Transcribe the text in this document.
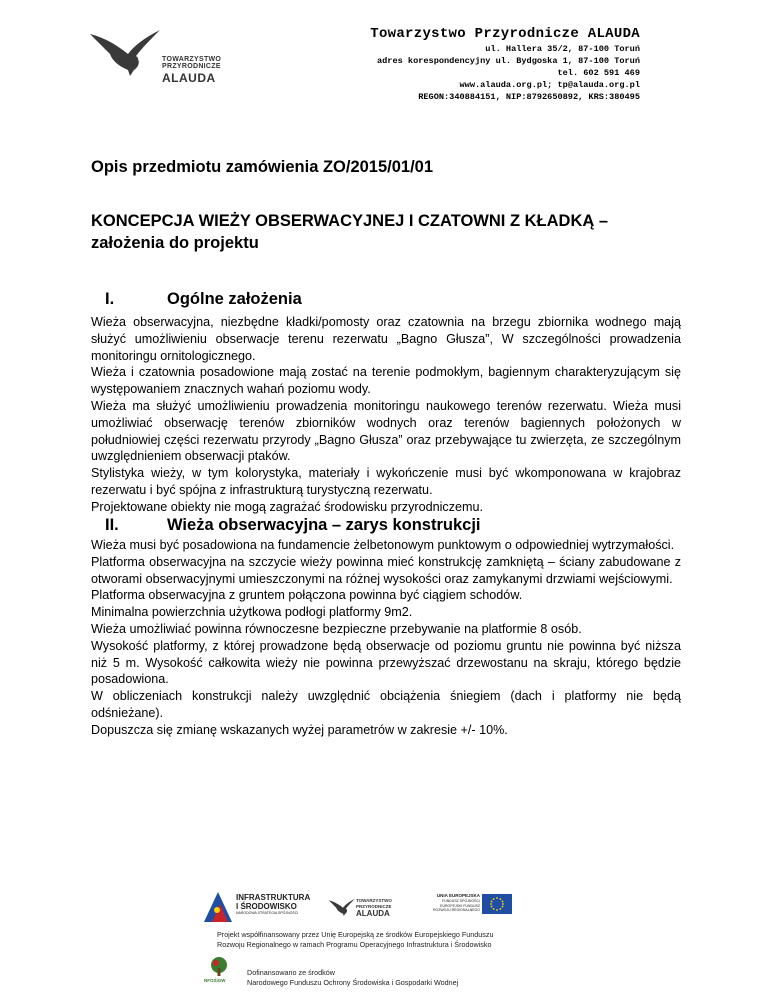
TOWARZYSTWO
PRZYRODNICZE
ALAUDA
Towarzystwo Przyrodnicze ALAUDA
ul. Hallera 35/2, 87-100 Toruń
adres korespondencyjny ul. Bydgoska 1, 87-100 Toruń
tel. 602 591 469
www.alauda.org.pl; tp@alauda.org.pl
REGON:340884151, NIP:8792650892, KRS:380495
Opis przedmiotu zamówienia ZO/2015/01/01
KONCEPCJA WIEŻY OBSERWACYJNEJ I CZATOWNI Z KŁADKĄ – założenia do projektu
I.	Ogólne założenia

Wieża obserwacyjna, niezbędne kładki/pomosty oraz czatownia na brzegu zbiornika wodnego mają służyć umożliwieniu obserwacje terenu rezerwatu „Bagno Głusza”, W szczególności prowadzenia monitoringu ornitologicznego.

Wieża i czatownia posadowione mają zostać na terenie podmokłym, bagiennym charakteryzującym się występowaniem znacznych wahań poziomu wody.

Wieża ma służyć umożliwieniu prowadzenia monitoringu naukowego terenów rezerwatu. Wieża musi umożliwiać obserwację terenów zbiorników wodnych oraz terenów bagiennych położonych w południowiej części rezerwatu przyrody „Bagno Głusza” oraz przebywające tu zwierzęta, ze szczególnym uwzględnieniem obserwacji ptaków.

Stylistyka wieży, w tym kolorystyka, materiały i wykończenie musi być wkomponowana w krajobraz rezerwatu i być spójna z infrastrukturą turystyczną rezerwatu.

Projektowane obiekty nie mogą zagrażać środowisku przyrodniczemu.

II.	Wieża obserwacyjna – zarys konstrukcji

Wieża musi być posadowiona na fundamencie żelbetonowym punktowym o odpowiedniej wytrzymałości.

Platforma obserwacyjna na szczycie wieży powinna mieć konstrukcję zamkniętą – ściany zabudowane z otworami obserwacyjnymi umieszczonymi na różnej wysokości oraz zamykanymi drzwiami wejściowymi.

Platforma obserwacyjna z gruntem połączona powinna być ciągiem schodów.

Minimalna powierzchnia użytkowa podłogi platformy 9m2.

Wieża umożliwiać powinna równoczesne bezpieczne przebywanie na platformie 8 osób.

Wysokość platformy, z której prowadzone będą obserwacje od poziomu gruntu nie powinna być niższa niż 5 m. Wysokość całkowita wieży nie powinna przewyższać drzewostanu na skraju, którego będzie posadowiona.

W obliczeniach konstrukcji należy uwzględnić obciążenia śniegiem (dach i platformy nie będą odśnieżane).

Dopuszcza się zmianę wskazanych wyżej parametrów w zakresie +/- 10%.

INFRASTRUKTURA
I ŚRODOWISKO
NARODOWA STRATEGIA SPÓJNOŚCI
TOWARZYSTWO
PRZYRODNICZE
ALAUDA
UNIA EUROPEJSKA
FUNDUSZ SPÓJNOŚCI
EUROPEJSKI FUNDUSZ
ROZWOJU REGIONALNEGO
Projekt współfinansowany przez Unię Europejską ze środków Europejskiego Funduszu
Rozwoju Regionalnego w ramach Programu Operacyjnego Infrastruktura i Środowisko
NFOŚiGW
Dofinansowano ze środków
Narodowego Funduszu Ochrony Środowiska i Gospodarki Wodnej
